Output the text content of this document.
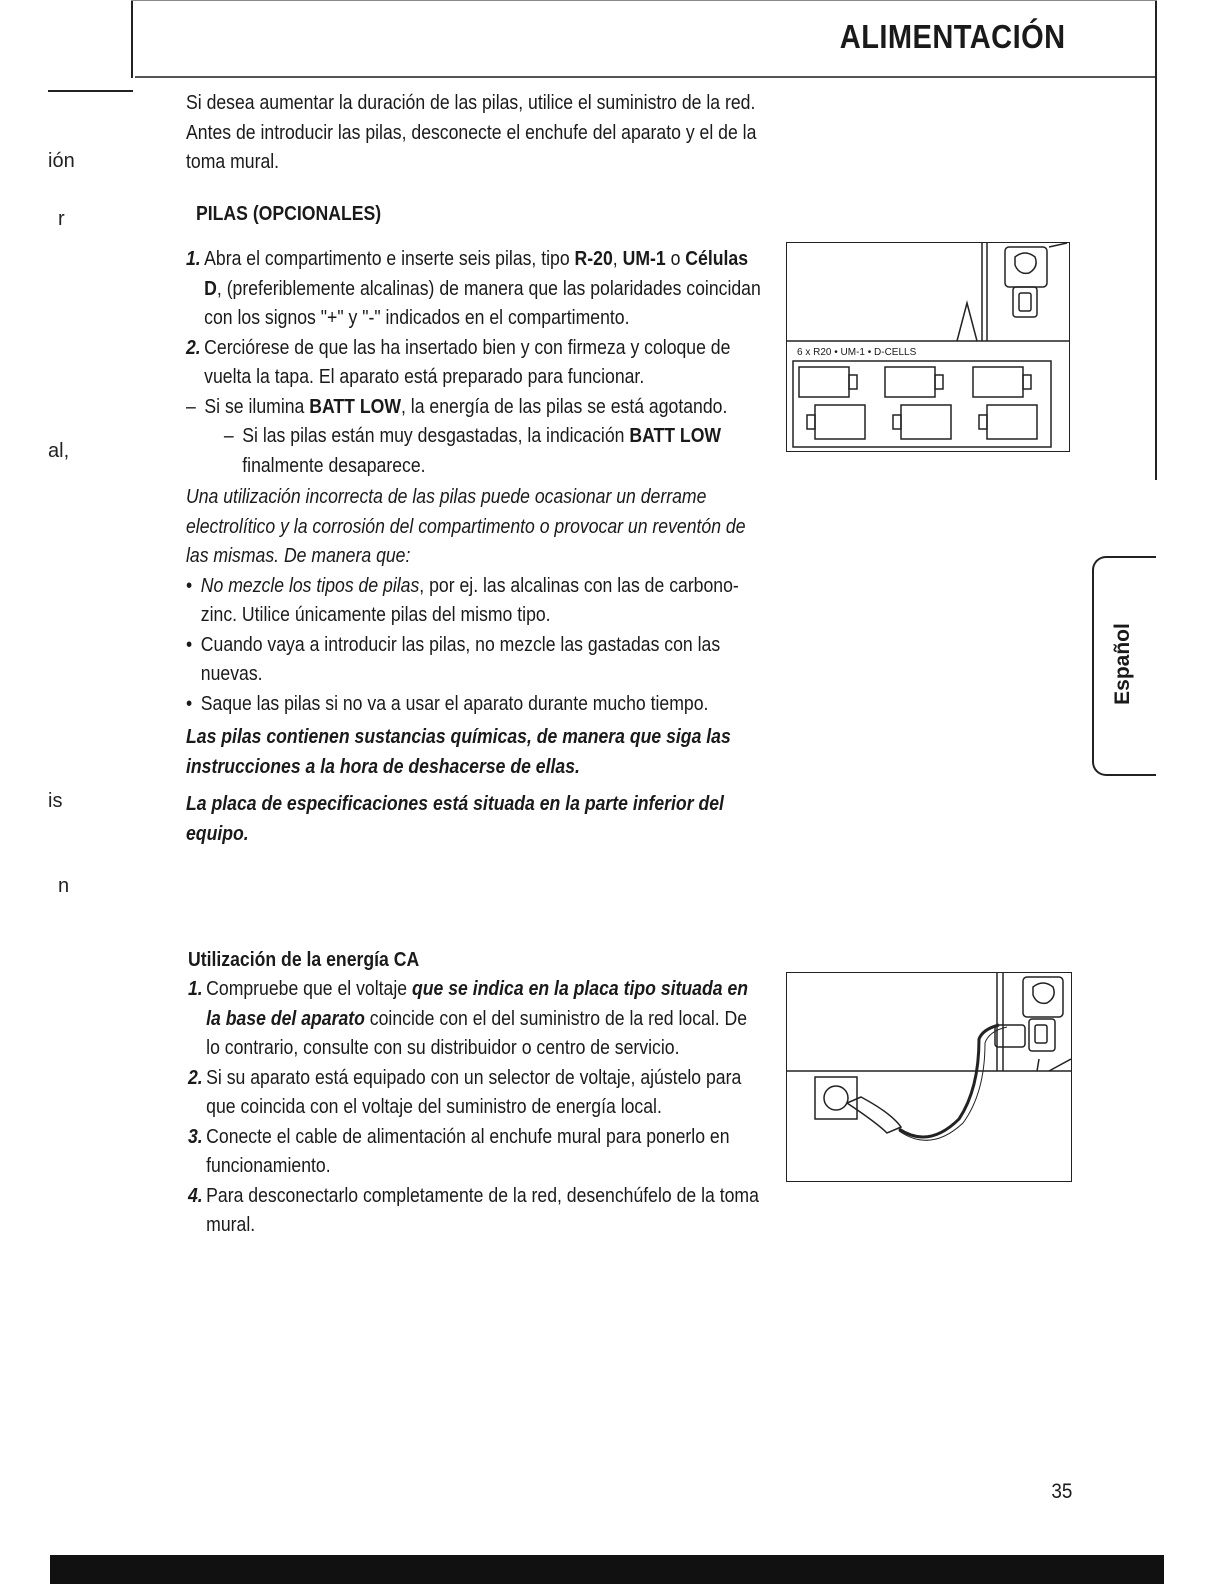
ALIMENTACIÓN
ión
r
al,
is
n
Si desea aumentar la duración de las pilas, utilice el suministro de la red. Antes de introducir las pilas, desconecte el enchufe del aparato y el de la toma mural.
PILAS (OPCIONALES)
1. Abra el compartimento e inserte seis pilas, tipo R-20, UM-1 o Células D, (preferiblemente alcalinas) de manera que las polaridades coincidan con los signos "+" y "-" indicados en el compartimento.
2. Cerciórese de que las ha insertado bien y con firmeza y coloque de vuelta la tapa. El aparato está preparado para funcionar.
– Si se ilumina BATT LOW, la energía de las pilas se está agotando.
– Si las pilas están muy desgastadas, la indicación BATT LOW finalmente desaparece.
Una utilización incorrecta de las pilas puede ocasionar un derrame electrolítico y la corrosión del compartimento o provocar un reventón de las mismas. De manera que:
• No mezcle los tipos de pilas, por ej. las alcalinas con las de carbono-zinc. Utilice únicamente pilas del mismo tipo.
• Cuando vaya a introducir las pilas, no mezcle las gastadas con las nuevas.
• Saque las pilas si no va a usar el aparato durante mucho tiempo.
Las pilas contienen sustancias químicas, de manera que siga las instrucciones a la hora de deshacerse de ellas.
La placa de especificaciones está situada en la parte inferior del equipo.
Utilización de la energía CA
1. Compruebe que el voltaje que se indica en la placa tipo situada en la base del aparato coincide con el del suministro de la red local. De lo contrario, consulte con su distribuidor o centro de servicio.
2. Si su aparato está equipado con un selector de voltaje, ajústelo para que coincida con el voltaje del suministro de energía local.
3. Conecte el cable de alimentación al enchufe mural para ponerlo en funcionamiento.
4. Para desconectarlo completamente de la red, desenchúfelo de la toma mural.
6 x R20 • UM-1 • D-CELLS
Español
35
